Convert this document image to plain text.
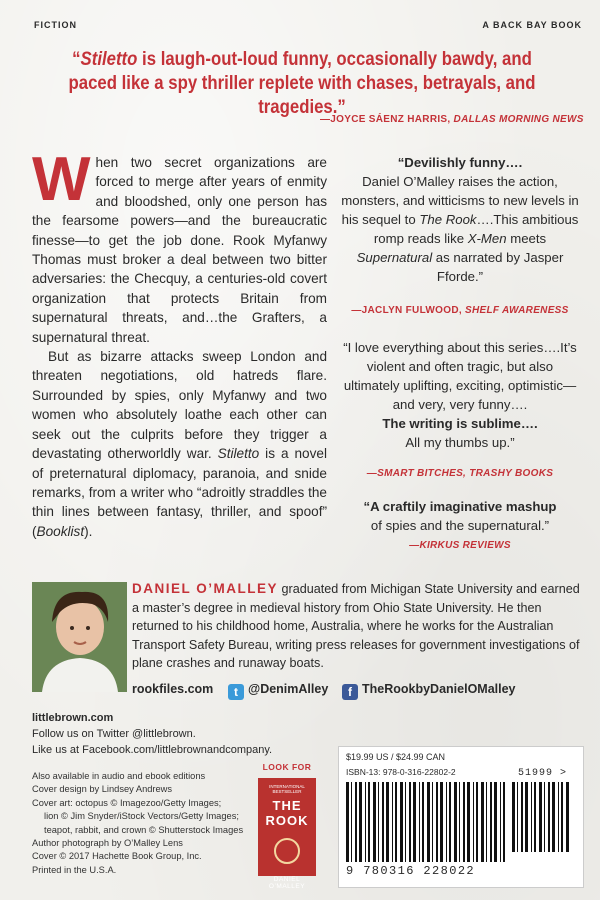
FICTION	A BACK BAY BOOK
“Stiletto is laugh-out-loud funny, occasionally bawdy, and paced like a spy thriller replete with chases, betrayals, and tragedies.”
—JOYCE SÁENZ HARRIS, DALLAS MORNING NEWS

When two secret organizations are forced to merge after years of enmity and bloodshed, only one person has the fearsome powers—and the bureaucratic finesse—to get the job done. Rook Myfanwy Thomas must broker a deal between two bitter adversaries: the Checquy, a centuries-old covert organization that protects Britain from supernatural threats, and…the Grafters, a supernatural threat.

But as bizarre attacks sweep London and threaten negotiations, old hatreds flare. Surrounded by spies, only Myfanwy and two women who absolutely loathe each other can seek out the culprits before they trigger a devastating otherworldly war. Stiletto is a novel of preternatural diplomacy, paranoia, and snide remarks, from a writer who “adroitly straddles the thin lines between fantasy, thriller, and spoof” (Booklist).

“Devilishly funny….
Daniel O’Malley raises the action, monsters, and witticisms to new levels in his sequel to The Rook….This ambitious romp reads like X-Men meets Supernatural as narrated by Jasper Fforde.”
—JACLYN FULWOOD, SHELF AWARENESS
“I love everything about this series….It’s violent and often tragic, but also ultimately uplifting, exciting, optimistic—and very, very funny….
The writing is sublime….
All my thumbs up.”
—SMART BITCHES, TRASHY BOOKS
“A craftily imaginative mashup
of spies and the supernatural.”
—KIRKUS REVIEWS
DANIEL O’MALLEY graduated from Michigan State University and earned a master’s degree in medieval history from Ohio State University. He then returned to his childhood home, Australia, where he works for the Australian Transport Safety Bureau, writing press releases for government investigations of plane crashes and runaway boats.
rookfiles.com	t @DenimAlley	f TheRookbyDanielOMalley
littlebrown.com
Follow us on Twitter @littlebrown.
Like us at Facebook.com/littlebrownandcompany.
Also available in audio and ebook editions
Cover design by Lindsey Andrews
Cover art: octopus © Imagezoo/Getty Images;
lion © Jim Snyder/iStock Vectors/Getty Images;
teapot, rabbit, and crown © Shutterstock Images
Author photograph by O’Malley Lens
Cover © 2017 Hachette Book Group, Inc.
Printed in the U.S.A.
LOOK FOR
INTERNATIONAL BESTSELLER
THE ROOK
DANIEL O’MALLEY
$19.99 US / $24.99 CAN
ISBN-13: 978-0-316-22802-2
9 780316 228022
51999 >
